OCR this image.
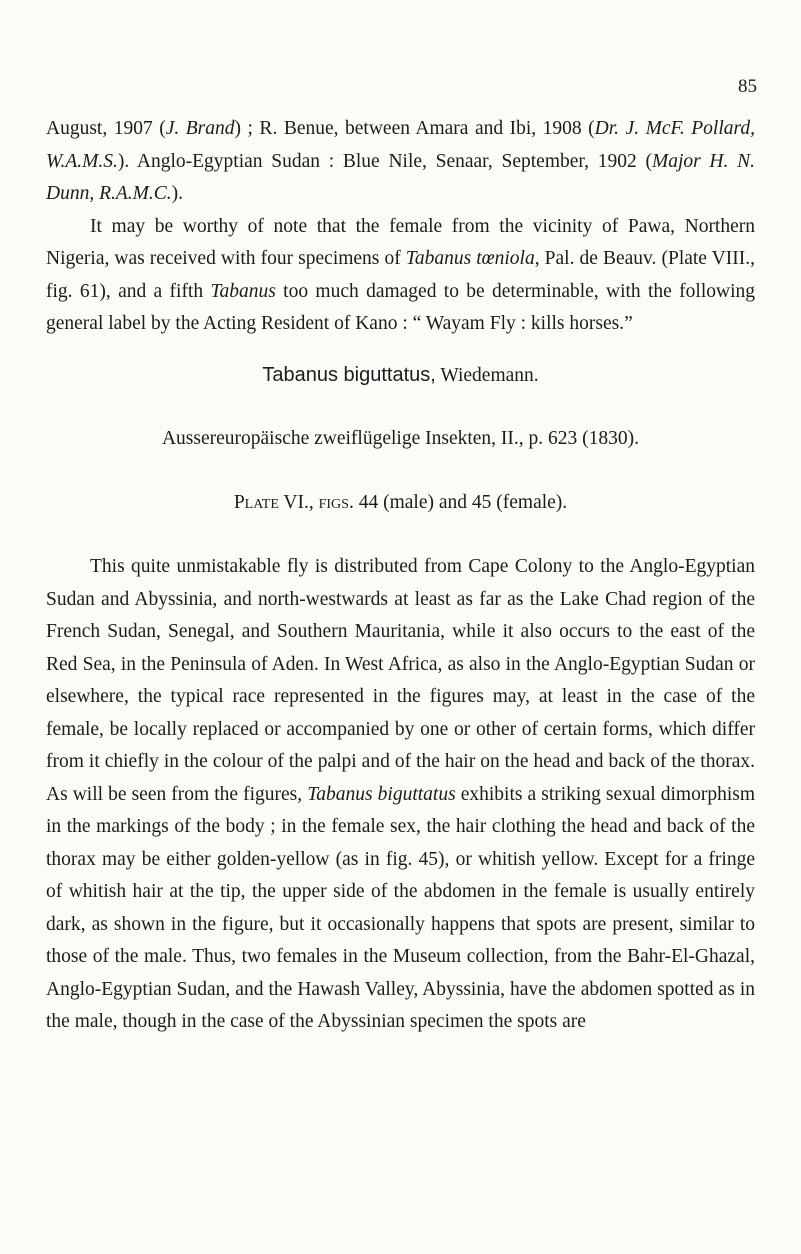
85

August, 1907 (J. Brand) ; R. Benue, between Amara and Ibi, 1908 (Dr. J. McF. Pollard, W.A.M.S.). Anglo-Egyptian Sudan : Blue Nile, Senaar, September, 1902 (Major H. N. Dunn, R.A.M.C.).

It may be worthy of note that the female from the vicinity of Pawa, Northern Nigeria, was received with four specimens of Tabanus tœniola, Pal. de Beauv. (Plate VIII., fig. 61), and a fifth Tabanus too much damaged to be determinable, with the following general label by the Acting Resident of Kano : “ Wayam Fly : kills horses.”

Tabanus biguttatus, Wiedemann.

Aussereuropäische zweiflügelige Insekten, II., p. 623 (1830).

Plate VI., figs. 44 (male) and 45 (female).

This quite unmistakable fly is distributed from Cape Colony to the Anglo-Egyptian Sudan and Abyssinia, and north-westwards at least as far as the Lake Chad region of the French Sudan, Senegal, and Southern Mauritania, while it also occurs to the east of the Red Sea, in the Peninsula of Aden. In West Africa, as also in the Anglo-Egyptian Sudan or elsewhere, the typical race represented in the figures may, at least in the case of the female, be locally replaced or accompanied by one or other of certain forms, which differ from it chiefly in the colour of the palpi and of the hair on the head and back of the thorax. As will be seen from the figures, Tabanus biguttatus exhibits a striking sexual dimorphism in the markings of the body ; in the female sex, the hair clothing the head and back of the thorax may be either golden-yellow (as in fig. 45), or whitish yellow. Except for a fringe of whitish hair at the tip, the upper side of the abdomen in the female is usually entirely dark, as shown in the figure, but it occasionally happens that spots are present, similar to those of the male. Thus, two females in the Museum collection, from the Bahr-El-Ghazal, Anglo-Egyptian Sudan, and the Hawash Valley, Abyssinia, have the abdomen spotted as in the male, though in the case of the Abyssinian specimen the spots are
